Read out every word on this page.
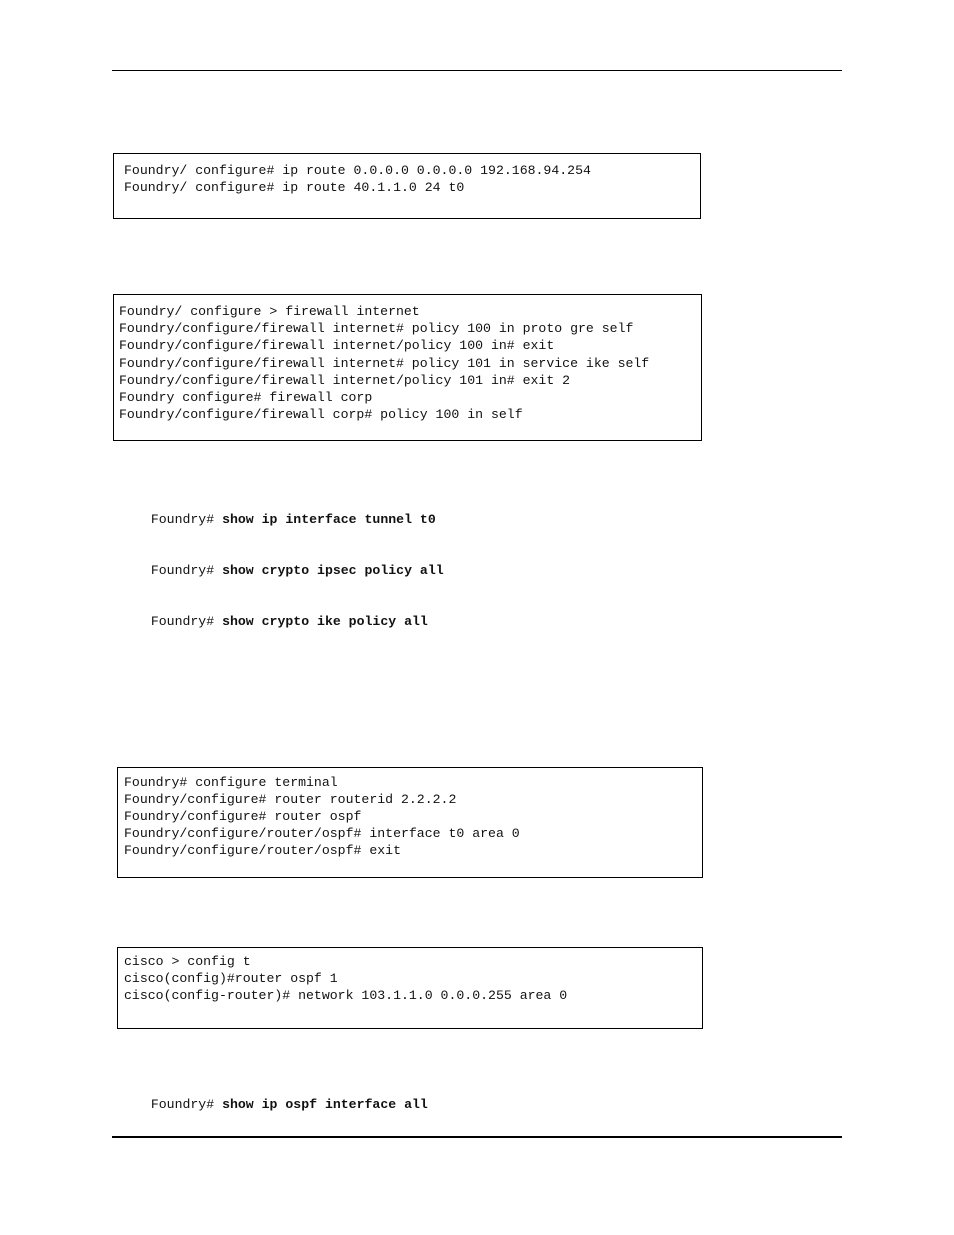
Foundry/ configure# ip route 0.0.0.0 0.0.0.0 192.168.94.254
Foundry/ configure# ip route 40.1.1.0 24 t0
Foundry/ configure > firewall internet
Foundry/configure/firewall internet# policy 100 in proto gre self
Foundry/configure/firewall internet/policy 100 in# exit
Foundry/configure/firewall internet# policy 101 in service ike self
Foundry/configure/firewall internet/policy 101 in# exit 2
Foundry configure# firewall corp
Foundry/configure/firewall corp# policy 100 in self

Foundry# show ip interface tunnel t0

Foundry# show crypto ipsec policy all

Foundry# show crypto ike policy all

Foundry# configure terminal
Foundry/configure# router routerid 2.2.2.2
Foundry/configure# router ospf
Foundry/configure/router/ospf# interface t0 area 0
Foundry/configure/router/ospf# exit
cisco > config t
cisco(config)#router ospf 1
cisco(config-router)# network 103.1.1.0 0.0.0.255 area 0

Foundry# show ip ospf interface all
